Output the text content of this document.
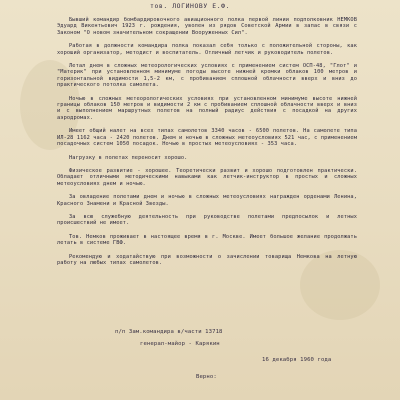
тов. ЛОГИНОВУ Е.Ф.

Бывший командир бомбардировочного авиационного полка первой линии подполковник НЕМКОВ Эдуард Викентьевич 1923 г. рождения, уволен из рядов Советской Армии в запас в связи с Законом "О новом значительном сокращении Вооруженных Сил".

Работая в должности командира полка показал себя только с положительной стороны, как хороший организатор, методист и воспитатель. Отличный летчик и руководитель полетов.

Летал днем в сложных метеорологических условиях с применением систем ОСП-48, "Глот" и "Материк" при установленном минимуме погоды высоте нижней кромки облаков 100 метров и горизонтальной видимости 1,5-2 км, с пробиванием сплошной облачности вверх и вниз до практического потолка самолета.

Ночью в сложных метеорологических условиях при установленном минимуме высоте нижней границы облаков 150 метров и видимости 2 км с пробиванием сплошной облачности вверх и вниз и с выполнением маршрутных полетов на полный радиус действия с посадкой на других аэродромах.

Имеет общий налет на всех типах самолетов 3340 часов - 6500 полетов. На самолете типа ИЛ-28 1162 часа - 2420 полетов. Днем и ночью в сложных метеоусловиях 521 час, с применением посадочных систем 1050 посадок. Ночью в простых метеоусловиях - 353 часа.

Нагрузку в полетах переносит хорошо.

Физическое развитие - хорошее. Теоретически развит и хорошо подготовлен практически. Обладает отличными методическими навыками как летчик-инструктор в простых и сложных метеоусловиях днем и ночью.

За овладение полетами днем и ночью в сложных метеоусловиях награжден орденами Ленина, Красного Знамени и Красной Звезды.

За всю служебную деятельность при руководстве полетами предпосылок и летных происшествий не имеет.

Тов. Немков проживает в настоящее время в г. Москве. Имеет большое желание продолжать летать в системе ГВФ.

Рекомендую и ходатайствую при возможности о зачислении товарища Немкова на летную работу на любых типах самолетов.

п/п Зам.командира в/части 13718
генерал-майор - Карякин
16 декабря 1960 года
Верно:
